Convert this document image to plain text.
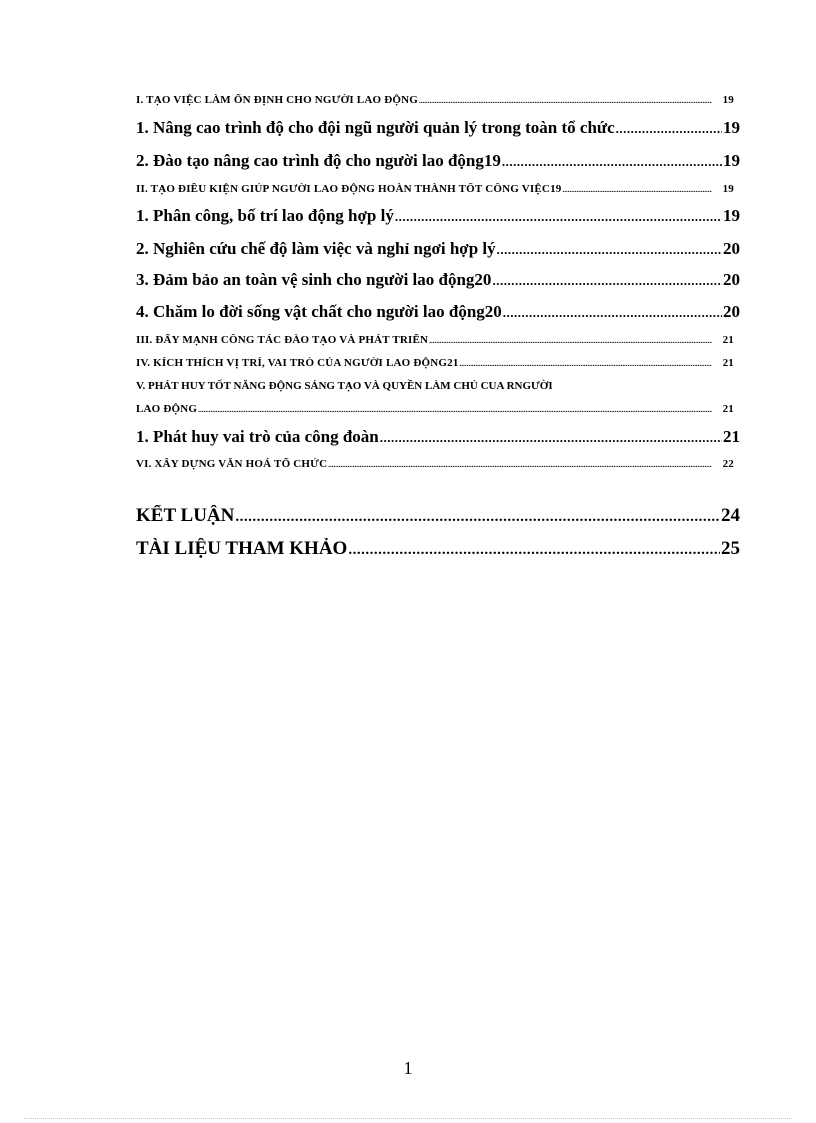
I. TẠO VIỆC LÀM ỔN ĐỊNH CHO NGƯỜI LAO ĐỘNG .....	19
1. Nâng cao trình độ cho đội ngũ người quản lý trong toàn tổ chức .....	19
2. Đào tạo nâng cao trình độ cho người lao động19 .....	19
II. TẠO ĐIỀU KIỆN GIÚP NGƯỜI LAO ĐỘNG HOÀN THÀNH TỐT CÔNG VIỆC19 .....	19
1. Phân công, bố trí lao động hợp lý .....	19
2. Nghiên cứu chế độ làm việc và nghỉ ngơi hợp lý .....	20
3. Đảm bảo an toàn vệ sinh cho người lao động20 .....	20
4. Chăm lo đời sống vật chất cho người lao động20 .....	20
III. ĐẨY MẠNH CÔNG TÁC ĐÀO TẠO VÀ PHÁT TRIỂN .....	21
IV. KÍCH THÍCH VỊ TRÍ, VAI TRÒ CỦA NGƯỜI LAO ĐỘNG21 .....	21
V. PHÁT HUY TỐT NĂNG ĐỘNG SÁNG TẠO VÀ QUYỀN LÀM CHỦ CUA RNGƯỜI
LAO ĐỘNG .....	21
1. Phát huy vai trò của công đoàn .....	21
VI. XÂY DỰNG VĂN HOÁ TỔ CHỨC .....	22
KẾT LUẬN .....	24
TÀI LIỆU THAM KHẢO .....	25
1
